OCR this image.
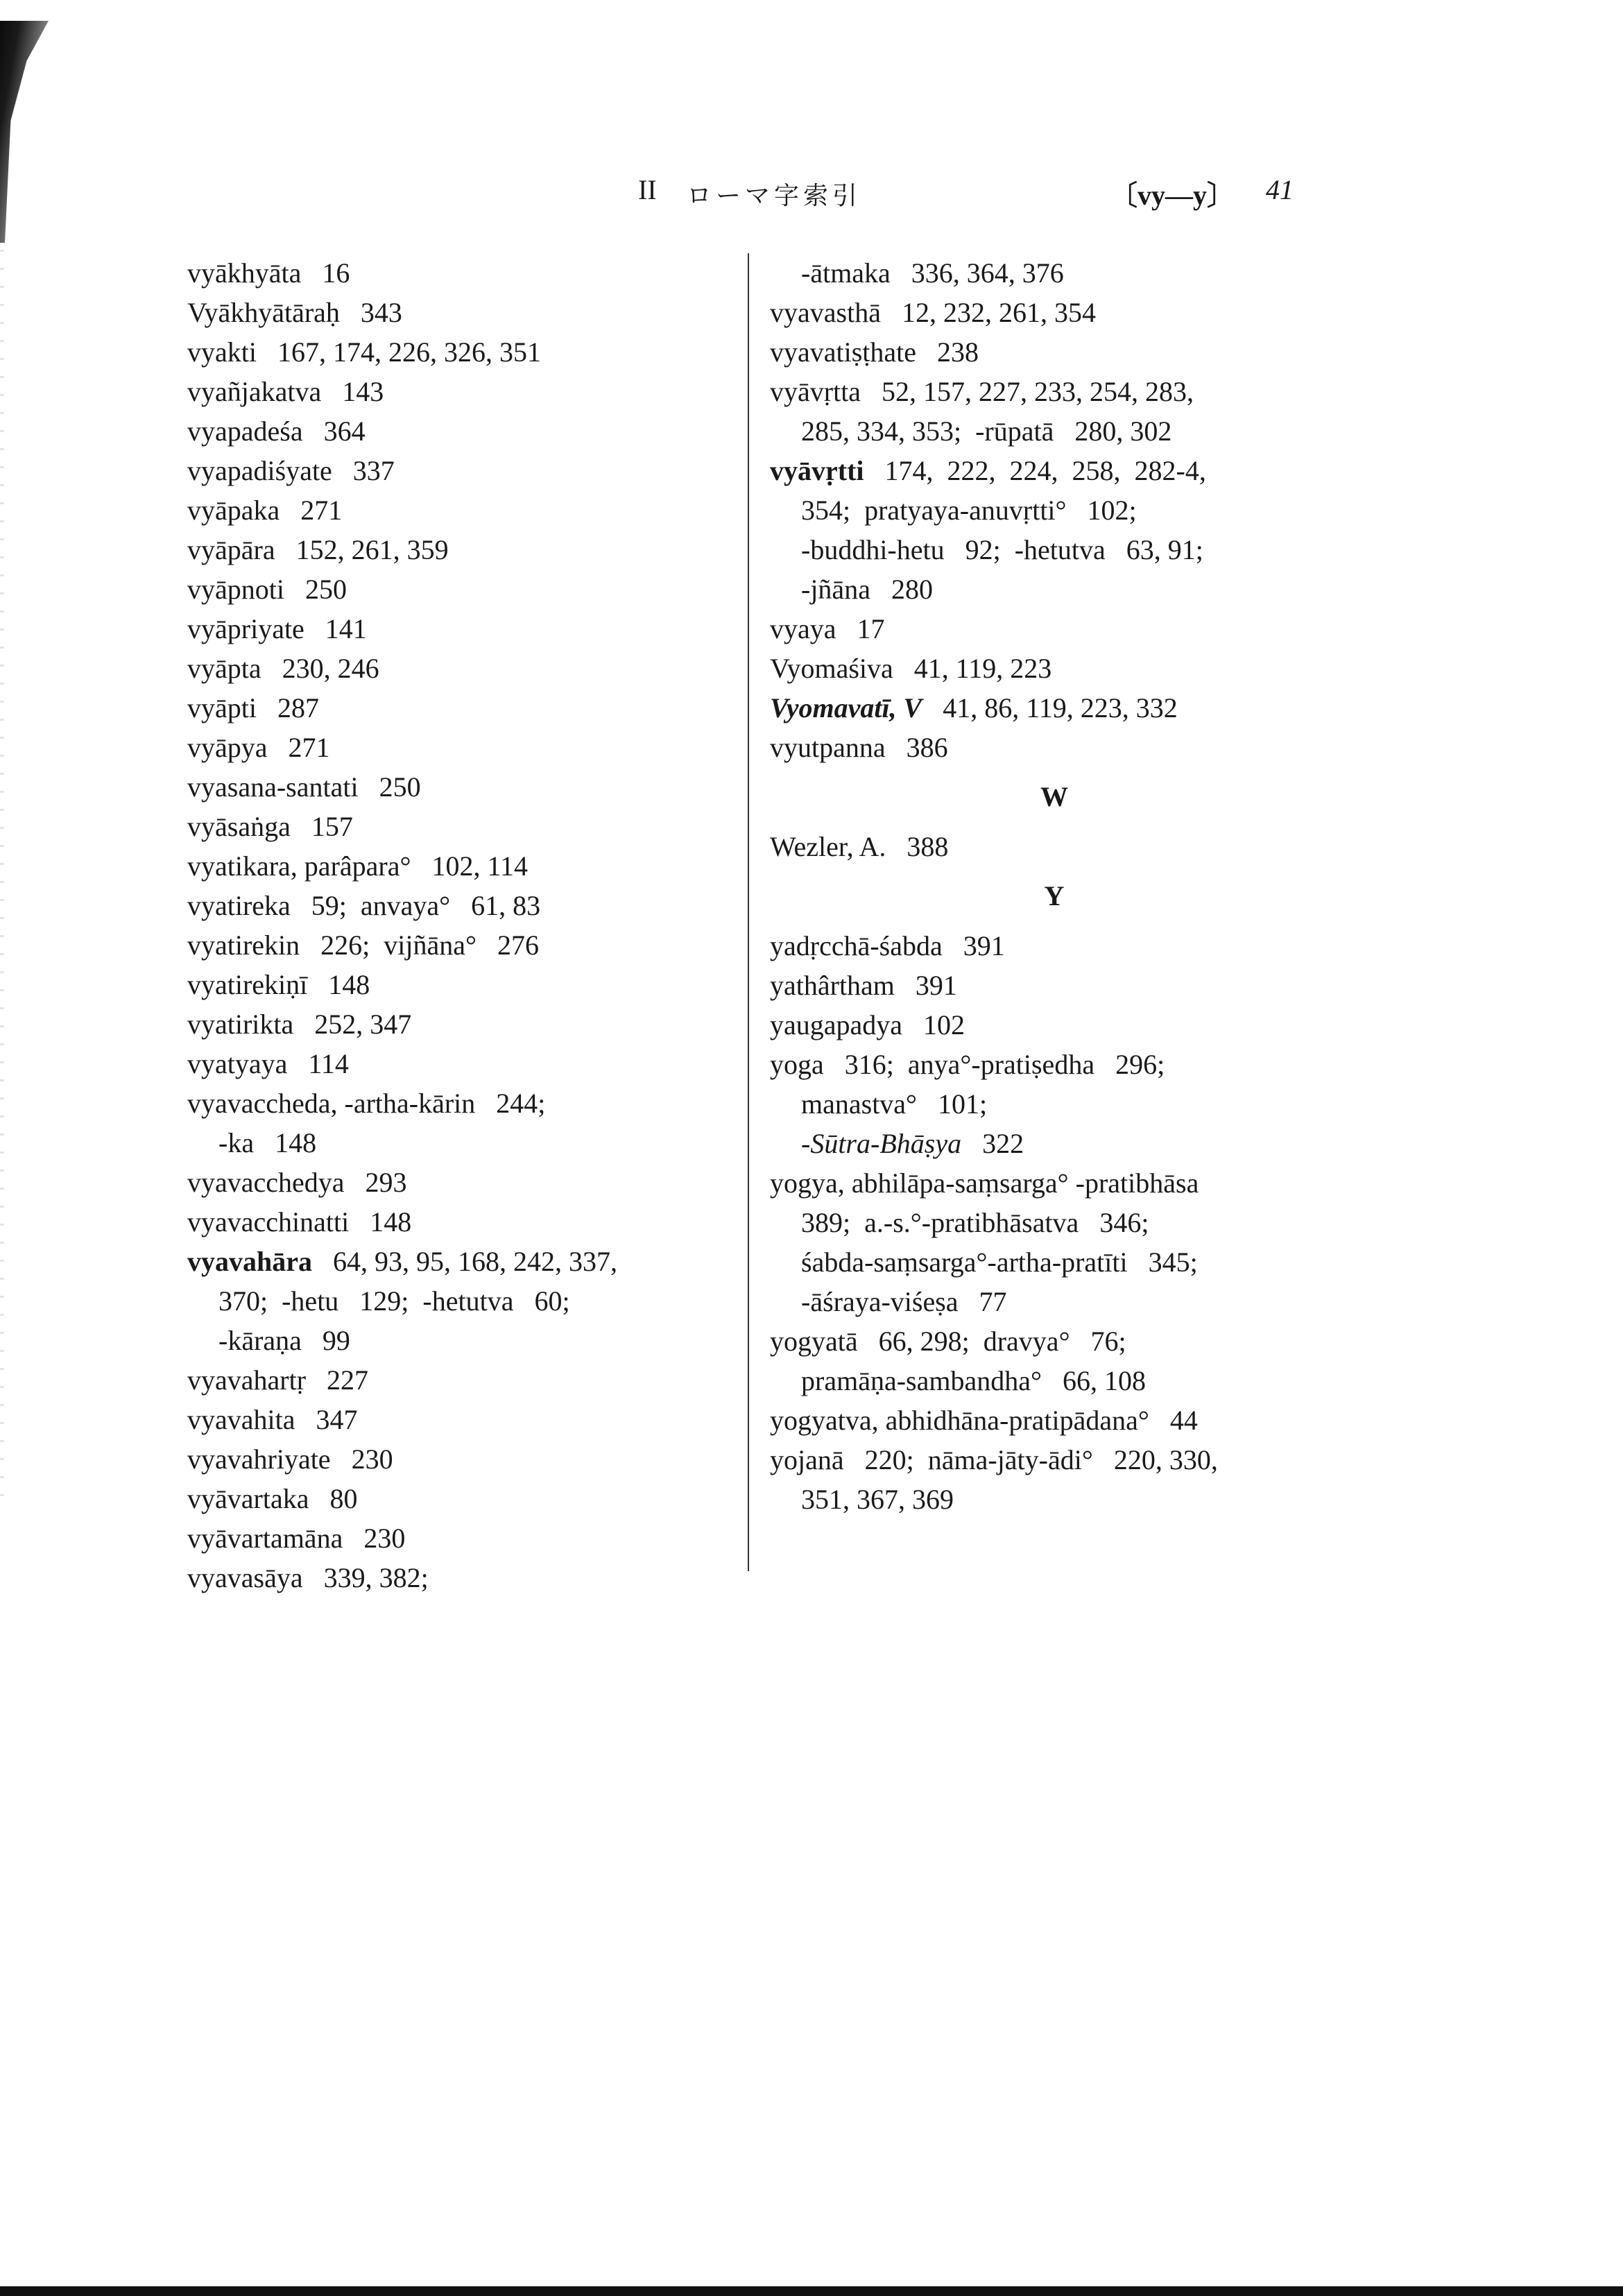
II ローマ字索引	〔vy—y〕 41
vyākhyāta   16
Vyākhyātāraḥ   343
vyakti   167, 174, 226, 326, 351
vyañjakatva   143
vyapadeśa   364
vyapadiśyate   337
vyāpaka   271
vyāpāra   152, 261, 359
vyāpnoti   250
vyāpriyate   141
vyāpta   230, 246
vyāpti   287
vyāpya   271
vyasana-santati   250
vyāsaṅga   157
vyatikara, parâpara°   102, 114
vyatireka   59;  anvaya°   61, 83
vyatirekin   226;  vijñāna°   276
vyatirekiṇī   148
vyatirikta   252, 347
vyatyaya   114
vyavaccheda, -artha-kārin   244;
-ka   148
vyavacchedya   293
vyavacchinatti   148
vyavahāra   64, 93, 95, 168, 242, 337,
370;  -hetu   129;  -hetutva   60;
-kāraṇa   99
vyavahartṛ   227
vyavahita   347
vyavahriyate   230
vyāvartaka   80
vyāvartamāna   230
vyavasāya   339, 382;
-ātmaka   336, 364, 376
vyavasthā   12, 232, 261, 354
vyavatiṣṭhate   238
vyāvṛtta   52, 157, 227, 233, 254, 283,
285, 334, 353;  -rūpatā   280, 302
vyāvṛtti   174,  222,  224,  258,  282-4,
354;  pratyaya-anuvṛtti°   102;
-buddhi-hetu   92;  -hetutva   63, 91;
-jñāna   280
vyaya   17
Vyomaśiva   41, 119, 223
Vyomavatī, V   41, 86, 119, 223, 332
vyutpanna   386
W
Wezler, A.   388
Y
yadṛcchā-śabda   391
yathârtham   391
yaugapadya   102
yoga   316;  anya°-pratiṣedha   296;
manastva°   101;
-Sūtra-Bhāṣya   322
yogya, abhilāpa-saṃsarga° -pratibhāsa
389;  a.-s.°-pratibhāsatva   346;
śabda-saṃsarga°-artha-pratīti   345;
-āśraya-viśeṣa   77
yogyatā   66, 298;  dravya°   76;
pramāṇa-sambandha°   66, 108
yogyatva, abhidhāna-pratipādana°   44
yojanā   220;  nāma-jāty-ādi°   220, 330,
351, 367, 369
